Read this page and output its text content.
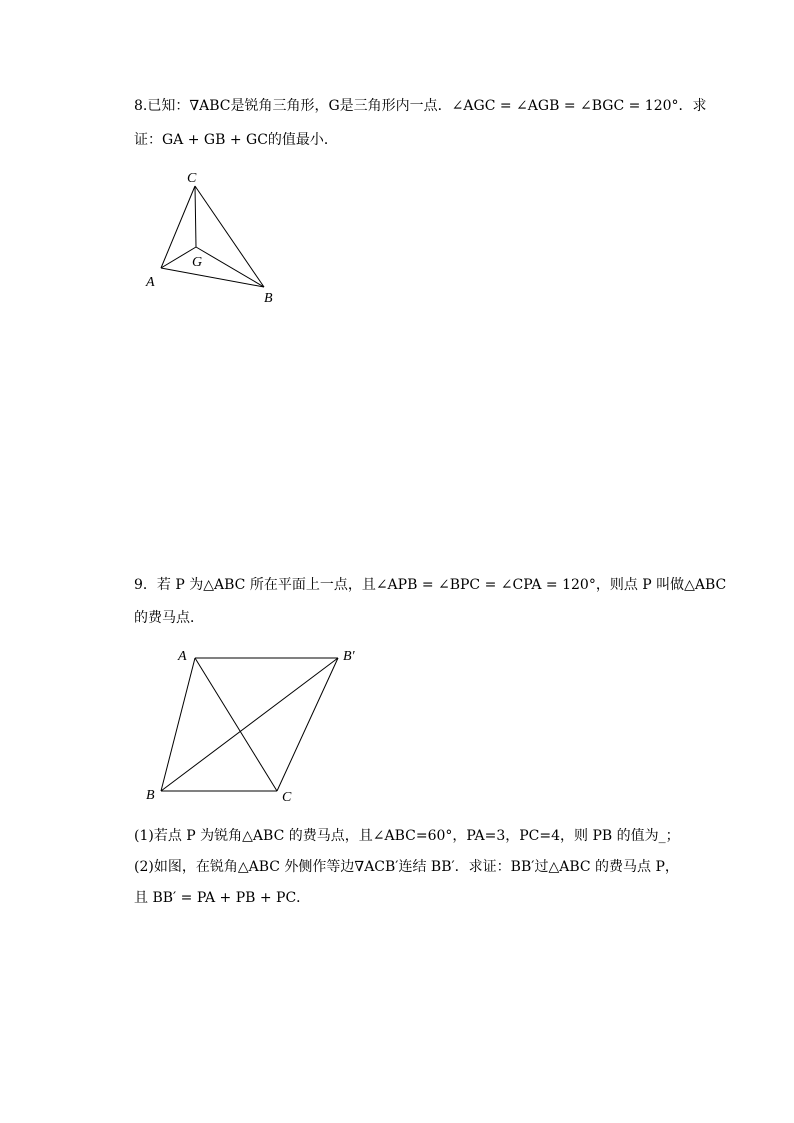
8.已知：∇ABC是锐角三角形，G是三角形内一点．∠AGC = ∠AGB = ∠BGC = 120°．求
证：GA + GB + GC的值最小．
C
G
A
B
A	B′
B	C
9．若 P 为△ABC 所在平面上一点，且∠APB = ∠BPC = ∠CPA = 120°，则点 P 叫做△ABC
的费马点．
(1)若点 P 为锐角△ABC 的费马点，且∠ABC=60°，PA=3，PC=4，则 PB 的值为_；
(2)如图，在锐角△ABC 外侧作等边∇ACB′连结 BB′．求证：BB′过△ABC 的费马点 P，
且 BB′ = PA + PB + PC．
